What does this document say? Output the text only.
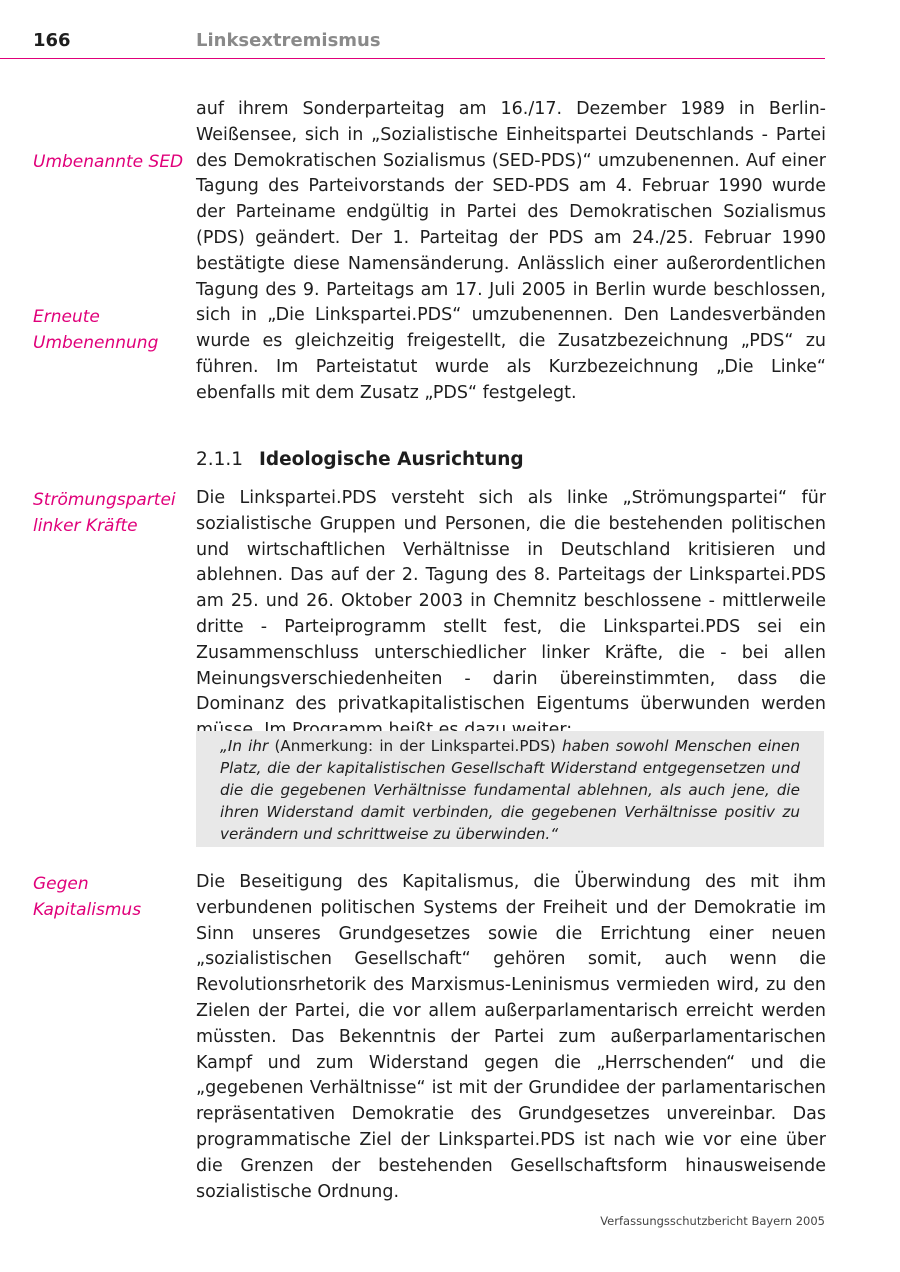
166	Linksextremismus
Umbenannte SED
Erneute
Umbenennung
Strömungspartei
linker Kräfte
Gegen
Kapitalismus

auf ihrem Sonderparteitag am 16./17. Dezember 1989 in Berlin-Weißensee, sich in „Sozialistische Einheitspartei Deutschlands - Partei des Demokratischen Sozialismus (SED-PDS)“ umzubenennen. Auf einer Tagung des Parteivorstands der SED-PDS am 4. Februar 1990 wurde der Parteiname endgültig in Partei des Demokratischen Sozialismus (PDS) geändert. Der 1. Parteitag der PDS am 24./25. Februar 1990 bestätigte diese Namensänderung. Anlässlich einer außerordentlichen Tagung des 9. Parteitags am 17. Juli 2005 in Berlin wurde beschlossen, sich in „Die Linkspartei.PDS“ umzubenennen. Den Landesverbänden wurde es gleichzeitig freigestellt, die Zusatzbezeichnung „PDS“ zu führen. Im Parteistatut wurde als Kurzbezeichnung „Die Linke“ ebenfalls mit dem Zusatz „PDS“ festgelegt.

2.1.1 Ideologische Ausrichtung

Die Linkspartei.PDS versteht sich als linke „Strömungspartei“ für sozialistische Gruppen und Personen, die die bestehenden politischen und wirtschaftlichen Verhältnisse in Deutschland kritisieren und ablehnen. Das auf der 2. Tagung des 8. Parteitags der Linkspartei.PDS am 25. und 26. Oktober 2003 in Chemnitz beschlossene - mittlerweile dritte - Parteiprogramm stellt fest, die Linkspartei.PDS sei ein Zusammenschluss unterschiedlicher linker Kräfte, die - bei allen Meinungsverschiedenheiten - darin übereinstimmten, dass die Dominanz des privatkapitalistischen Eigentums überwunden werden

„In ihr (Anmerkung: in der Linkspartei.PDS) haben sowohl Menschen einen Platz, die der kapitalistischen Gesellschaft Widerstand entgegensetzen und die die gegebenen Verhältnisse fundamental ablehnen, als auch jene, die ihren Widerstand damit verbinden, die gegebenen Verhältnisse positiv zu verändern und schrittweise zu überwinden.“

Die Beseitigung des Kapitalismus, die Überwindung des mit ihm verbundenen politischen Systems der Freiheit und der Demokratie im Sinn unseres Grundgesetzes sowie die Errichtung einer neuen „sozialistischen Gesellschaft“ gehören somit, auch wenn die Revolutionsrhetorik des Marxismus-Leninismus vermieden wird, zu den Zielen der Partei, die vor allem außerparlamentarisch erreicht werden müssten. Das Bekenntnis der Partei zum außerparlamentarischen Kampf und zum Widerstand gegen die „Herrschenden“ und die „gegebenen Verhältnisse“ ist mit der Grundidee der parlamentarischen repräsentativen Demokratie des Grundgesetzes unvereinbar. Das programmatische Ziel der Linkspartei.PDS ist nach wie vor eine über die Grenzen der bestehenden Gesellschaftsform hinausweisende sozialistische Ordnung.

Verfassungsschutzbericht Bayern 2005
